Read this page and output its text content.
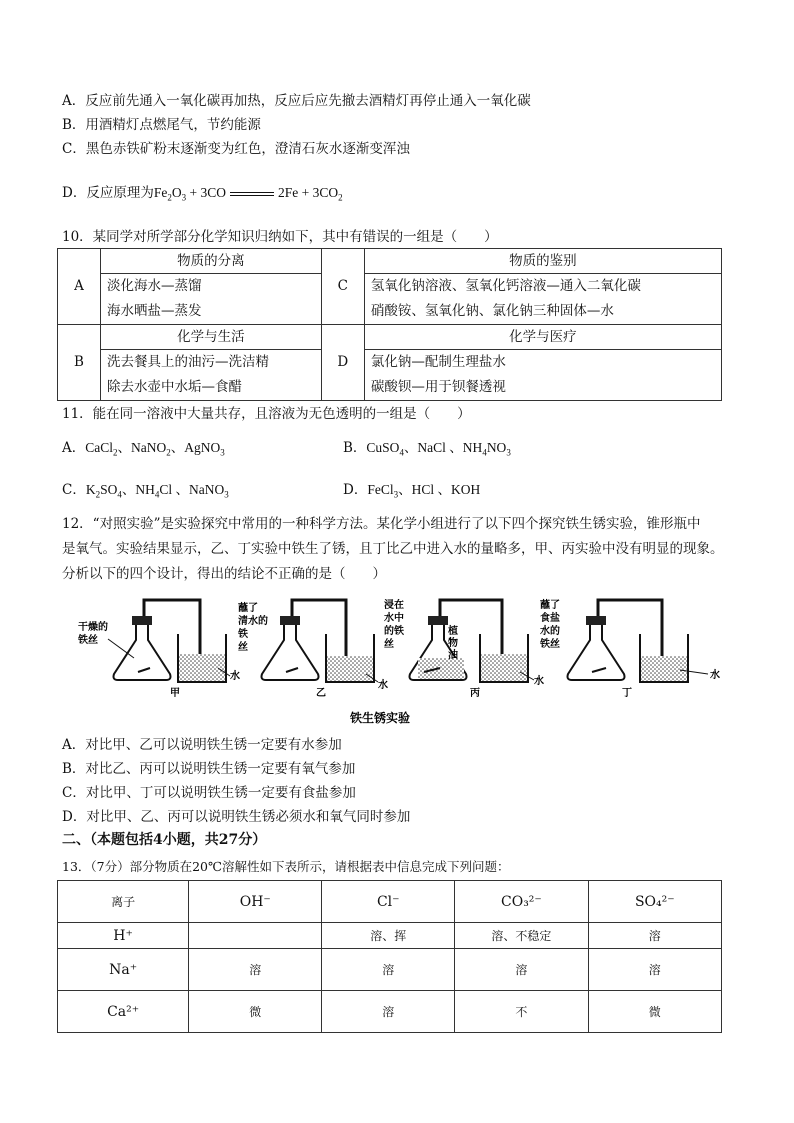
A．反应前先通入一氧化碳再加热，反应后应先撤去酒精灯再停止通入一氧化碳
B．用酒精灯点燃尾气，节约能源
C．黑色赤铁矿粉末逐渐变为红色，澄清石灰水逐渐变浑浊
D．反应原理为$Fe_2O_3 + 3CO$	$2Fe + 3CO_2$
10．某同学对所学部分化学知识归纳如下，其中有错误的一组是（　　）
A	物质的分离	C	物质的鉴别
	淡化海水—蒸馏		氢氧化钠溶液、氢氧化钙溶液—通入二氧化碳
	海水晒盐—蒸发		硝酸铵、氢氧化钠、氯化钠三种固体—水
B	化学与生活	D	化学与医疗
	洗去餐具上的油污—洗洁精		氯化钠—配制生理盐水
	除去水壶中水垢—食醋		碳酸钡—用于钡餐透视
11．能在同一溶液中大量共存，且溶液为无色透明的一组是（　　）
A．CaCl$_2$、NaNO$_2$、AgNO$_3$	B．CuSO$_4$、NaCl 、$NH_4NO_3$
C．$K_2SO_4$、$NH_4Cl$ 、NaNO$_3$	D．FeCl$_3$、HCl 、KOH
12．“对照实验”是实验探究中常用的一种科学方法。某化学小组进行了以下四个探究铁生锈实验，锥形瓶中
是氧气。实验结果显示，乙、丁实验中铁生了锈，且丁比乙中进入水的量略多，甲、丙实验中没有明显的现象。
分析以下的四个设计，得出的结论不正确的是（　　）
干燥的
铁丝
水
甲
蘸了
清水的
铁
丝
水
乙
浸在
水中
的铁
丝
植
物
油
水
丙
蘸了
食盐
水的
铁丝
水
丁
铁生锈实验
A．对比甲、乙可以说明铁生锈一定要有水参加
B．对比乙、丙可以说明铁生锈一定要有氧气参加
C．对比甲、丁可以说明铁生锈一定要有食盐参加
D．对比甲、乙、丙可以说明铁生锈必须水和氧气同时参加
二、（本题包括4小题，共27分）
13．（7分）部分物质在20℃溶解性如下表所示，请根据表中信息完成下列问题：
离子	OH⁻	Cl⁻	CO₃²⁻	SO₄²⁻
H⁺		溶、挥	溶、不稳定	溶
Na⁺	溶	溶	溶	溶
Ca²⁺	微	溶	不	微
